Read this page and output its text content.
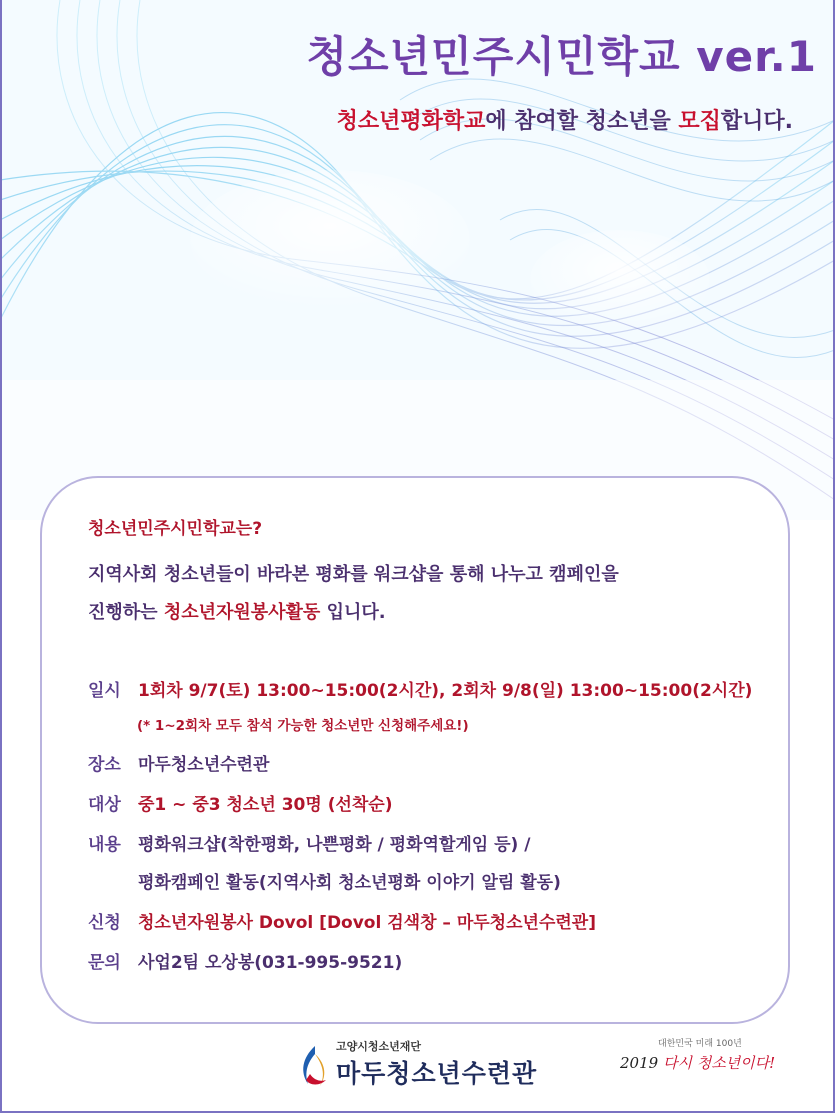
청소년민주시민학교 ver.1
청소년평화학교에 참여할 청소년을 모집합니다.
청소년민주시민학교는?
지역사회 청소년들이 바라본 평화를 워크샵을 통해 나누고 캠페인을
진행하는 청소년자원봉사활동 입니다.
일시 1회차 9/7(토) 13:00~15:00(2시간), 2회차 9/8(일) 13:00~15:00(2시간)
(* 1~2회차 모두 참석 가능한 청소년만 신청해주세요!)
장소 마두청소년수련관
대상 중1 ~ 중3 청소년 30명 (선착순)
내용 평화워크샵(착한평화, 나쁜평화 / 평화역할게임 등) /
평화캠페인 활동(지역사회 청소년평화 이야기 알림 활동)
신청 청소년자원봉사 Dovol [Dovol 검색창 – 마두청소년수련관]
문의 사업2팀 오상봉(031-995-9521)
고양시청소년재단
마두청소년수련관
대한민국 미래 100년
2019 다시 청소년이다!
